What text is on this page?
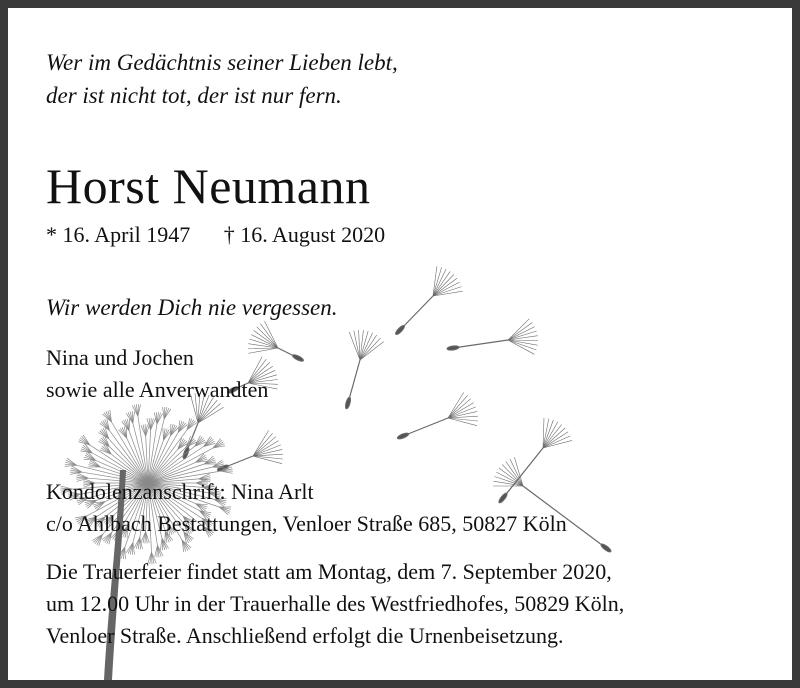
Wer im Gedächtnis seiner Lieben lebt,
der ist nicht tot, der ist nur fern.
Horst Neumann
* 16. April 1947 † 16. August 2020
Wir werden Dich nie vergessen.
Nina und Jochen
sowie alle Anverwandten
Kondolenzanschrift: Nina Arlt
c/o Ahlbach Bestattungen, Venloer Straße 685, 50827 Köln
Die Trauerfeier findet statt am Montag, dem 7. September 2020,
um 12.00 Uhr in der Trauerhalle des Westfriedhofes, 50829 Köln,
Venloer Straße. Anschließend erfolgt die Urnenbeisetzung.
